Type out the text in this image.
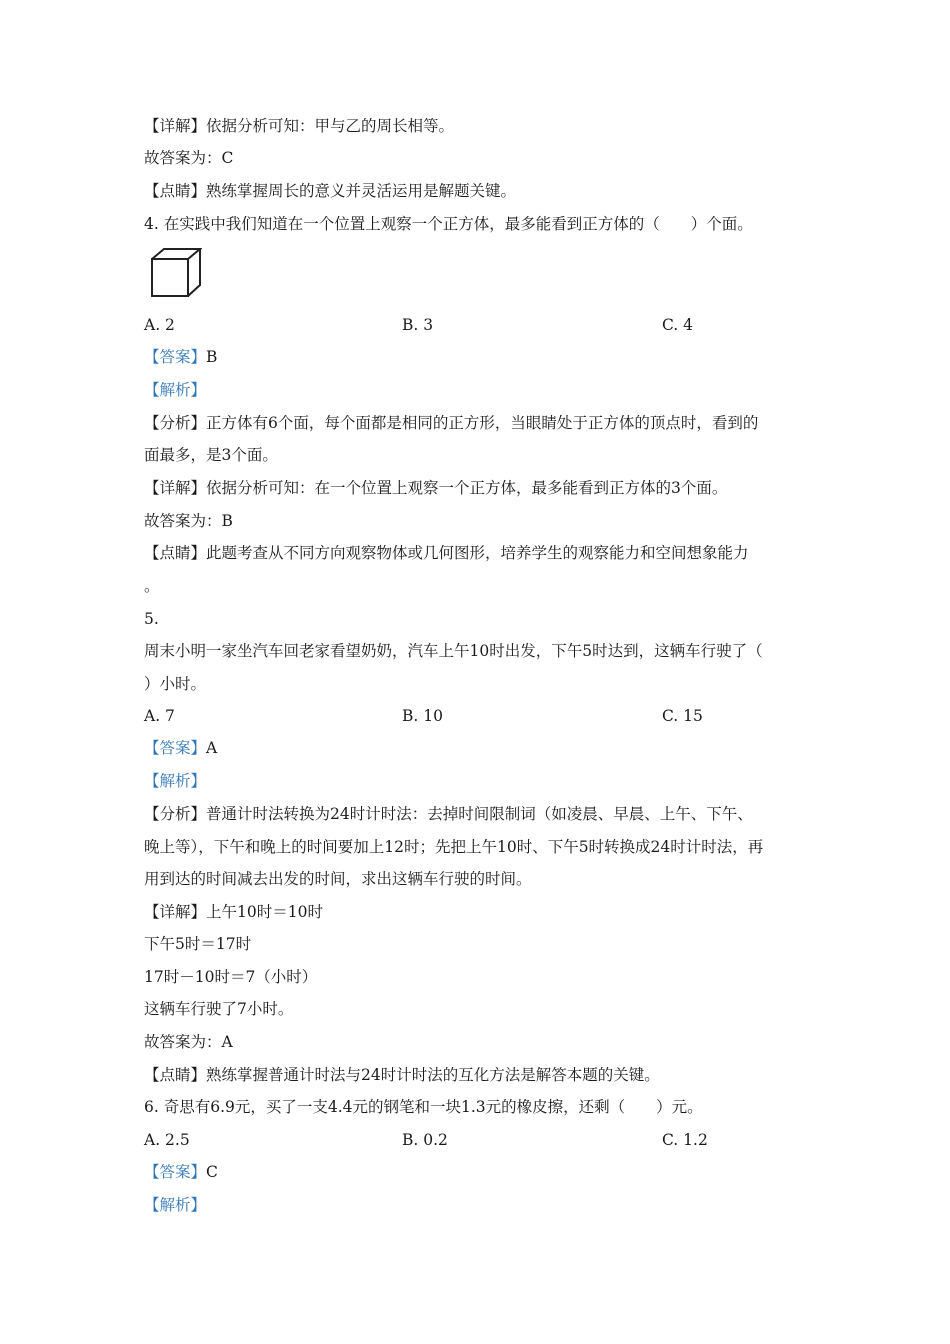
【详解】依据分析可知：甲与乙的周长相等。
故答案为：C
【点睛】熟练掌握周长的意义并灵活运用是解题关键。
4. 在实践中我们知道在一个位置上观察一个正方体，最多能看到正方体的（　　）个面。
A. 2	B. 3	C. 4
【答案】B
【解析】
【分析】正方体有6个面，每个面都是相同的正方形，当眼睛处于正方体的顶点时，看到的
面最多，是3个面。
【详解】依据分析可知：在一个位置上观察一个正方体，最多能看到正方体的3个面。
故答案为：B
【点睛】此题考查从不同方向观察物体或几何图形，培养学生的观察能力和空间想象能力
。
5.
周末小明一家坐汽车回老家看望奶奶，汽车上午10时出发，下午5时达到，这辆车行驶了（
）小时。
A. 7	B. 10	C. 15
【答案】A
【解析】
【分析】普通计时法转换为24时计时法：去掉时间限制词（如凌晨、早晨、上午、下午、
晚上等），下午和晚上的时间要加上12时；先把上午10时、下午5时转换成24时计时法，再
用到达的时间减去出发的时间，求出这辆车行驶的时间。
【详解】上午10时＝10时
下午5时＝17时
17时－10时＝7（小时）
这辆车行驶了7小时。
故答案为：A
【点睛】熟练掌握普通计时法与24时计时法的互化方法是解答本题的关键。
6. 奇思有6.9元，买了一支4.4元的钢笔和一块1.3元的橡皮擦，还剩（　　）元。
A. 2.5	B. 0.2	C. 1.2
【答案】C
【解析】
